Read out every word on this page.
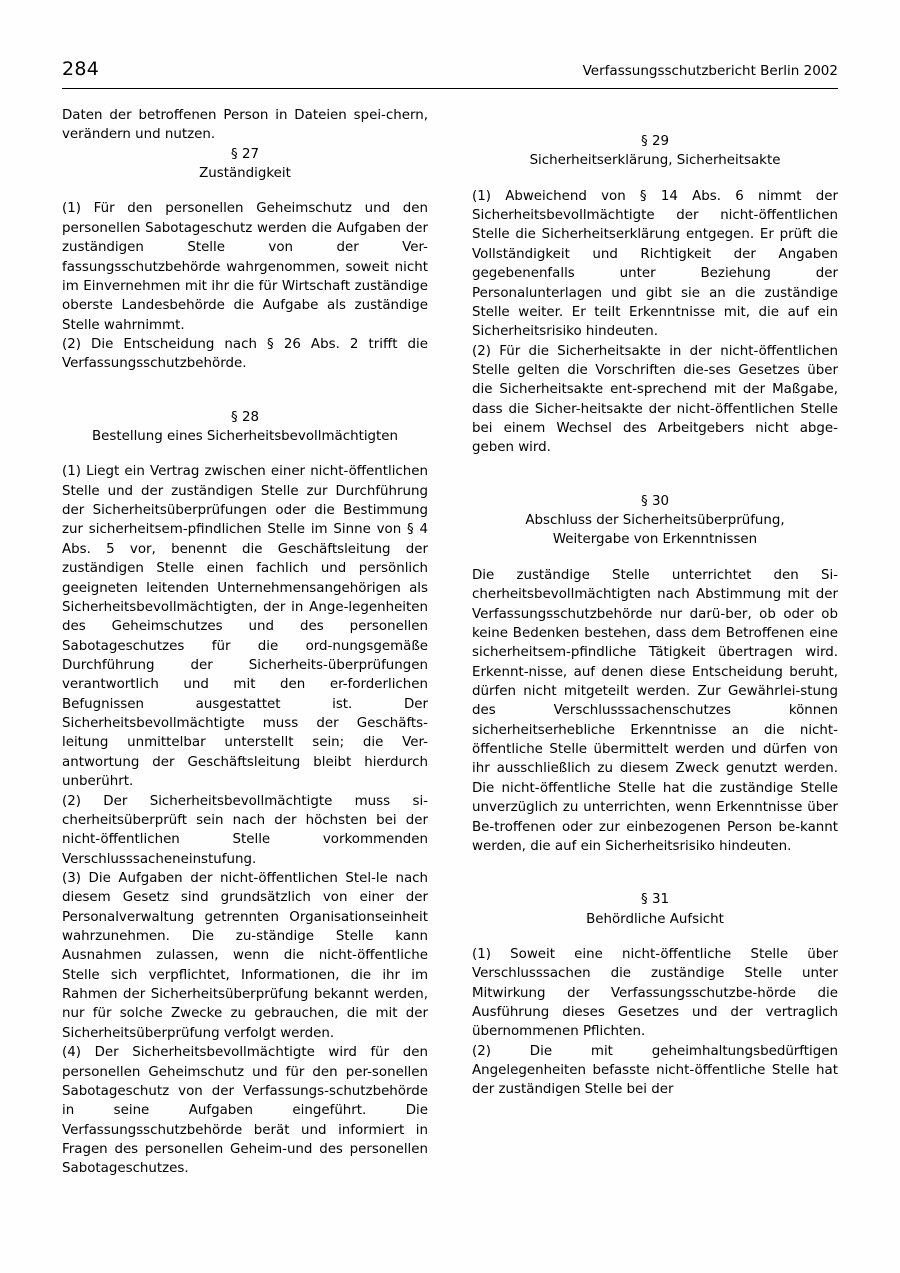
284	Verfassungsschutzbericht Berlin 2002

Daten der betroffenen Person in Dateien spei-chern, verändern und nutzen.

§ 27

Zuständigkeit

(1) Für den personellen Geheimschutz und den personellen Sabotageschutz werden die Aufgaben der zuständigen Stelle von der Ver-fassungsschutzbehörde wahrgenommen, soweit nicht im Einvernehmen mit ihr die für Wirtschaft zuständige oberste Landesbehörde die Aufgabe als zuständige Stelle wahrnimmt.

(2) Die Entscheidung nach § 26 Abs. 2 trifft die Verfassungsschutzbehörde.

§ 28

Bestellung eines Sicherheitsbevollmächtigten

(1) Liegt ein Vertrag zwischen einer nicht-öffentlichen Stelle und der zuständigen Stelle zur Durchführung der Sicherheitsüberprüfungen oder die Bestimmung zur sicherheitsem-pfindlichen Stelle im Sinne von § 4 Abs. 5 vor, benennt die Geschäftsleitung der zuständigen Stelle einen fachlich und persönlich geeigneten leitenden Unternehmensangehörigen als Sicherheitsbevollmächtigten, der in Ange-legenheiten des Geheimschutzes und des personellen Sabotageschutzes für die ord-nungsgemäße Durchführung der Sicherheits-überprüfungen verantwortlich und mit den er-forderlichen Befugnissen ausgestattet ist. Der Sicherheitsbevollmächtigte muss der Geschäfts-leitung unmittelbar unterstellt sein; die Ver-antwortung der Geschäftsleitung bleibt hierdurch unberührt.

(2) Der Sicherheitsbevollmächtigte muss si-cherheitsüberprüft sein nach der höchsten bei der nicht-öffentlichen Stelle vorkommenden Verschlusssacheneinstufung.

(3) Die Aufgaben der nicht-öffentlichen Stel-le nach diesem Gesetz sind grundsätzlich von einer der Personalverwaltung getrennten Organisationseinheit wahrzunehmen. Die zu-ständige Stelle kann Ausnahmen zulassen, wenn die nicht-öffentliche Stelle sich verpflichtet, Informationen, die ihr im Rahmen der Sicherheitsüberprüfung bekannt werden, nur für solche Zwecke zu gebrauchen, die mit der Sicherheitsüberprüfung verfolgt werden.

(4) Der Sicherheitsbevollmächtigte wird für den personellen Geheimschutz und für den per-sonellen Sabotageschutz von der Verfassungs-schutzbehörde in seine Aufgaben eingeführt. Die Verfassungsschutzbehörde berät und informiert in Fragen des personellen Geheim-und des personellen Sabotageschutzes.

§ 29

Sicherheitserklärung, Sicherheitsakte

(1) Abweichend von § 14 Abs. 6 nimmt der Sicherheitsbevollmächtigte der nicht-öffentlichen Stelle die Sicherheitserklärung entgegen. Er prüft die Vollständigkeit und Richtigkeit der Angaben gegebenenfalls unter Beziehung der Personalunterlagen und gibt sie an die zuständige Stelle weiter. Er teilt Erkenntnisse mit, die auf ein Sicherheitsrisiko hindeuten.

(2) Für die Sicherheitsakte in der nicht-öffentlichen Stelle gelten die Vorschriften die-ses Gesetzes über die Sicherheitsakte ent-sprechend mit der Maßgabe, dass die Sicher-heitsakte der nicht-öffentlichen Stelle bei einem Wechsel des Arbeitgebers nicht abge-geben wird.

§ 30

Abschluss der Sicherheitsüberprüfung,

Weitergabe von Erkenntnissen

Die zuständige Stelle unterrichtet den Si-cherheitsbevollmächtigten nach Abstimmung mit der Verfassungsschutzbehörde nur darü-ber, ob oder ob keine Bedenken bestehen, dass dem Betroffenen eine sicherheitsem-pfindliche Tätigkeit übertragen wird. Erkennt-nisse, auf denen diese Entscheidung beruht, dürfen nicht mitgeteilt werden. Zur Gewährlei-stung des Verschlusssachenschutzes können sicherheitserhebliche Erkenntnisse an die nicht-öffentliche Stelle übermittelt werden und dürfen von ihr ausschließlich zu diesem Zweck genutzt werden. Die nicht-öffentliche Stelle hat die zuständige Stelle unverzüglich zu unterrichten, wenn Erkenntnisse über Be-troffenen oder zur einbezogenen Person be-kannt werden, die auf ein Sicherheitsrisiko hindeuten.

§ 31

Behördliche Aufsicht

(1) Soweit eine nicht-öffentliche Stelle über Verschlusssachen die zuständige Stelle unter Mitwirkung der Verfassungsschutzbe-hörde die Ausführung dieses Gesetzes und der vertraglich übernommenen Pflichten.

(2) Die mit geheimhaltungsbedürftigen Angelegenheiten befasste nicht-öffentliche Stelle hat der zuständigen Stelle bei der
